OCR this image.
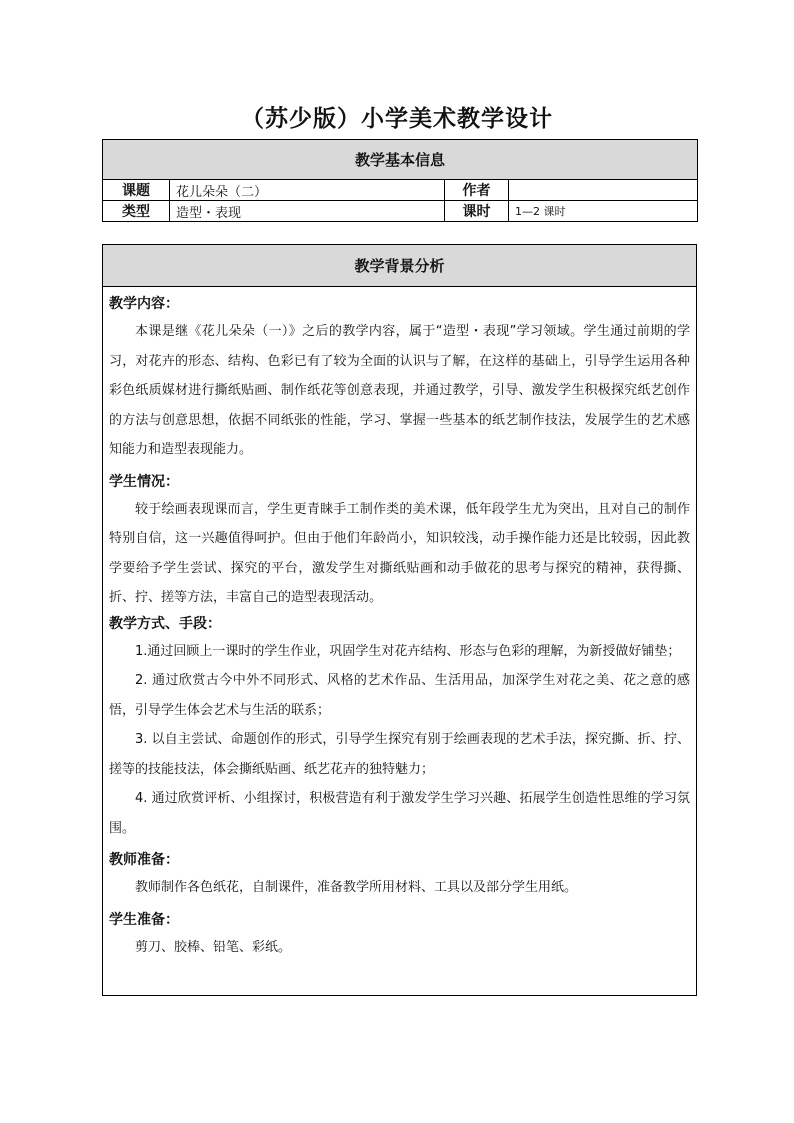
（苏少版）小学美术教学设计
教学基本信息			
课题	花儿朵朵（二）	作者	
类型	造型・表现	课时	1—2 课时
教学背景分析

教学内容：

本课是继《花儿朵朵（一）》之后的教学内容，属于“造型・表现”学习领域。学生通过前期的学习，对花卉的形态、结构、色彩已有了较为全面的认识与了解，在这样的基础上，引导学生运用各种彩色纸质媒材进行撕纸贴画、制作纸花等创意表现，并通过教学，引导、激发学生积极探究纸艺创作的方法与创意思想，依据不同纸张的性能，学习、掌握一些基本的纸艺制作技法，发展学生的艺术感知能力和造型表现能力。

学生情况：

较于绘画表现课而言，学生更青睐手工制作类的美术课，低年段学生尤为突出，且对自己的制作特别自信，这一兴趣值得呵护。但由于他们年龄尚小，知识较浅，动手操作能力还是比较弱，因此教学要给予学生尝试、探究的平台，激发学生对撕纸贴画和动手做花的思考与探究的精神，获得撕、折、拧、搓等方法，丰富自己的造型表现活动。

教学方式、手段：

1.通过回顾上一课时的学生作业，巩固学生对花卉结构、形态与色彩的理解，为新授做好铺垫；

2. 通过欣赏古今中外不同形式、风格的艺术作品、生活用品，加深学生对花之美、花之意的感悟，引导学生体会艺术与生活的联系；

3. 以自主尝试、命题创作的形式，引导学生探究有别于绘画表现的艺术手法，探究撕、折、拧、搓等的技能技法，体会撕纸贴画、纸艺花卉的独特魅力；

4. 通过欣赏评析、小组探讨，积极营造有利于激发学生学习兴趣、拓展学生创造性思维的学习氛围。

教师准备：

教师制作各色纸花，自制课件，准备教学所用材料、工具以及部分学生用纸。

学生准备：

剪刀、胶棒、铅笔、彩纸。
